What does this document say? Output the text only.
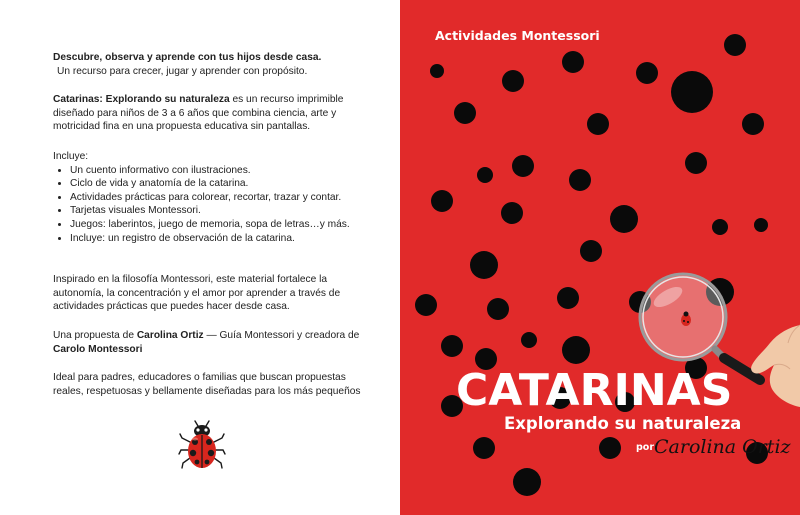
Descubre, observa y aprende con tus hijos desde casa.
Un recurso para crecer, jugar y aprender con propósito.
Catarinas: Explorando su naturaleza es un recurso imprimible diseñado para niños de 3 a 6 años que combina ciencia, arte y motricidad fina en una propuesta educativa sin pantallas.
Incluye:
• Un cuento informativo con ilustraciones.
• Ciclo de vida y anatomía de la catarina.
• Actividades prácticas para colorear, recortar, trazar y contar.
• Tarjetas visuales Montessori.
• Juegos: laberintos, juego de memoria, sopa de letras…y más.
• Incluye: un registro de observación de la catarina.
Inspirado en la filosofía Montessori, este material fortalece la autonomía, la concentración y el amor por aprender a través de actividades prácticas que puedes hacer desde casa.
Una propuesta de Carolina Ortiz — Guía Montessori y creadora de Carolo Montessori
Ideal para padres, educadores o familias que buscan propuestas reales, respetuosas y bellamente diseñadas para los más pequeños
Actividades Montessori
CATARINAS
Explorando su naturaleza
por Carolina Ortiz
